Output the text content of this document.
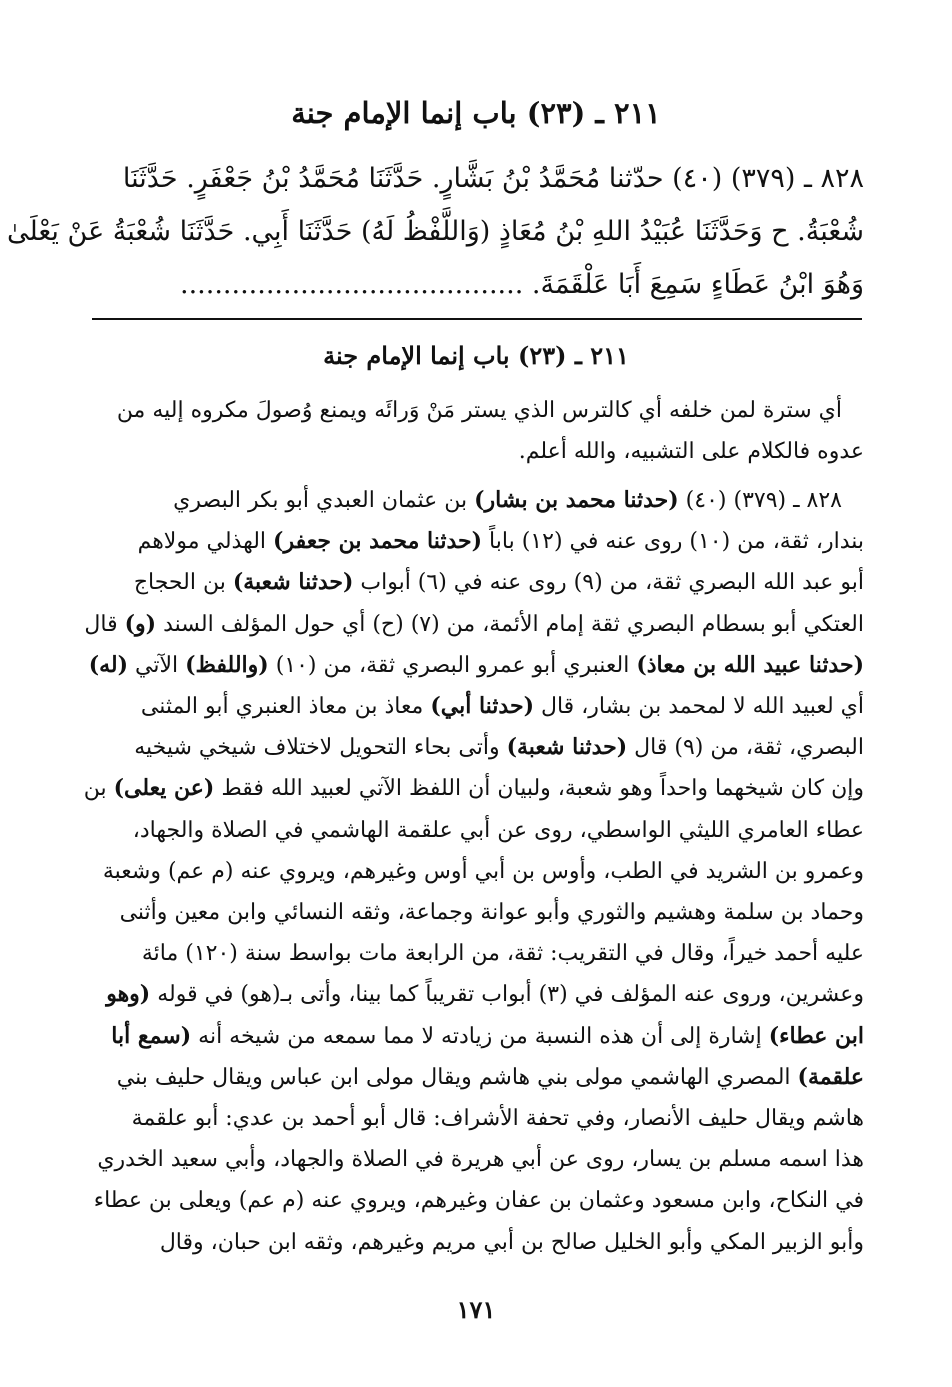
٢١١ ـ (٢٣) باب إنما الإمام جنة
٨٢٨ ـ (٣٧٩) (٤٠) حدّثنا مُحَمَّدُ بْنُ بَشَّارٍ. حَدَّثَنَا مُحَمَّدُ بْنُ جَعْفَرٍ. حَدَّثَنَا
شُعْبَةُ. ح وَحَدَّثَنَا عُبَيْدُ اللهِ بْنُ مُعَاذٍ (وَاللَّفْظُ لَهُ) حَدَّثَنَا أَبِي. حَدَّثَنَا شُعْبَةُ عَنْ يَعْلَىٰ
وَهُوَ ابْنُ عَطَاءٍ سَمِعَ أَبَا عَلْقَمَةَ. ........................................
٢١١ ـ (٢٣) باب إنما الإمام جنة
أي سترة لمن خلفه أي كالترس الذي يستر مَنْ وَرائَه ويمنع وُصولَ مكروه إليه من
عدوه فالكلام على التشبيه، والله أعلم.
٨٢٨ ـ (٣٧٩) (٤٠) (حدثنا محمد بن بشار) بن عثمان العبدي أبو بكر البصري
بندار، ثقة، من (١٠) روى عنه في (١٢) باباً (حدثنا محمد بن جعفر) الهذلي مولاهم
أبو عبد الله البصري ثقة، من (٩) روى عنه في (٦) أبواب (حدثنا شعبة) بن الحجاج
العتكي أبو بسطام البصري ثقة إمام الأئمة، من (٧) (ح) أي حول المؤلف السند (و) قال
(حدثنا عبيد الله بن معاذ) العنبري أبو عمرو البصري ثقة، من (١٠) (واللفظ) الآتي (له)
أي لعبيد الله لا لمحمد بن بشار، قال (حدثنا أبي) معاذ بن معاذ العنبري أبو المثنى
البصري، ثقة، من (٩) قال (حدثنا شعبة) وأتى بحاء التحويل لاختلاف شيخي شيخيه
وإن كان شيخهما واحداً وهو شعبة، ولبيان أن اللفظ الآتي لعبيد الله فقط (عن يعلى) بن
عطاء العامري الليثي الواسطي، روى عن أبي علقمة الهاشمي في الصلاة والجهاد،
وعمرو بن الشريد في الطب، وأوس بن أبي أوس وغيرهم، ويروي عنه (م عم) وشعبة
وحماد بن سلمة وهشيم والثوري وأبو عوانة وجماعة، وثقه النسائي وابن معين وأثنى
عليه أحمد خيراً، وقال في التقريب: ثقة، من الرابعة مات بواسط سنة (١٢٠) مائة
وعشرين، وروى عنه المؤلف في (٣) أبواب تقريباً كما بينا، وأتى بـ(هو) في قوله (وهو
ابن عطاء) إشارة إلى أن هذه النسبة من زيادته لا مما سمعه من شيخه أنه (سمع أبا
علقمة) المصري الهاشمي مولى بني هاشم ويقال مولى ابن عباس ويقال حليف بني
هاشم ويقال حليف الأنصار، وفي تحفة الأشراف: قال أبو أحمد بن عدي: أبو علقمة
هذا اسمه مسلم بن يسار، روى عن أبي هريرة في الصلاة والجهاد، وأبي سعيد الخدري
في النكاح، وابن مسعود وعثمان بن عفان وغيرهم، ويروي عنه (م عم) ويعلى بن عطاء
وأبو الزبير المكي وأبو الخليل صالح بن أبي مريم وغيرهم، وثقه ابن حبان، وقال
١٧١
